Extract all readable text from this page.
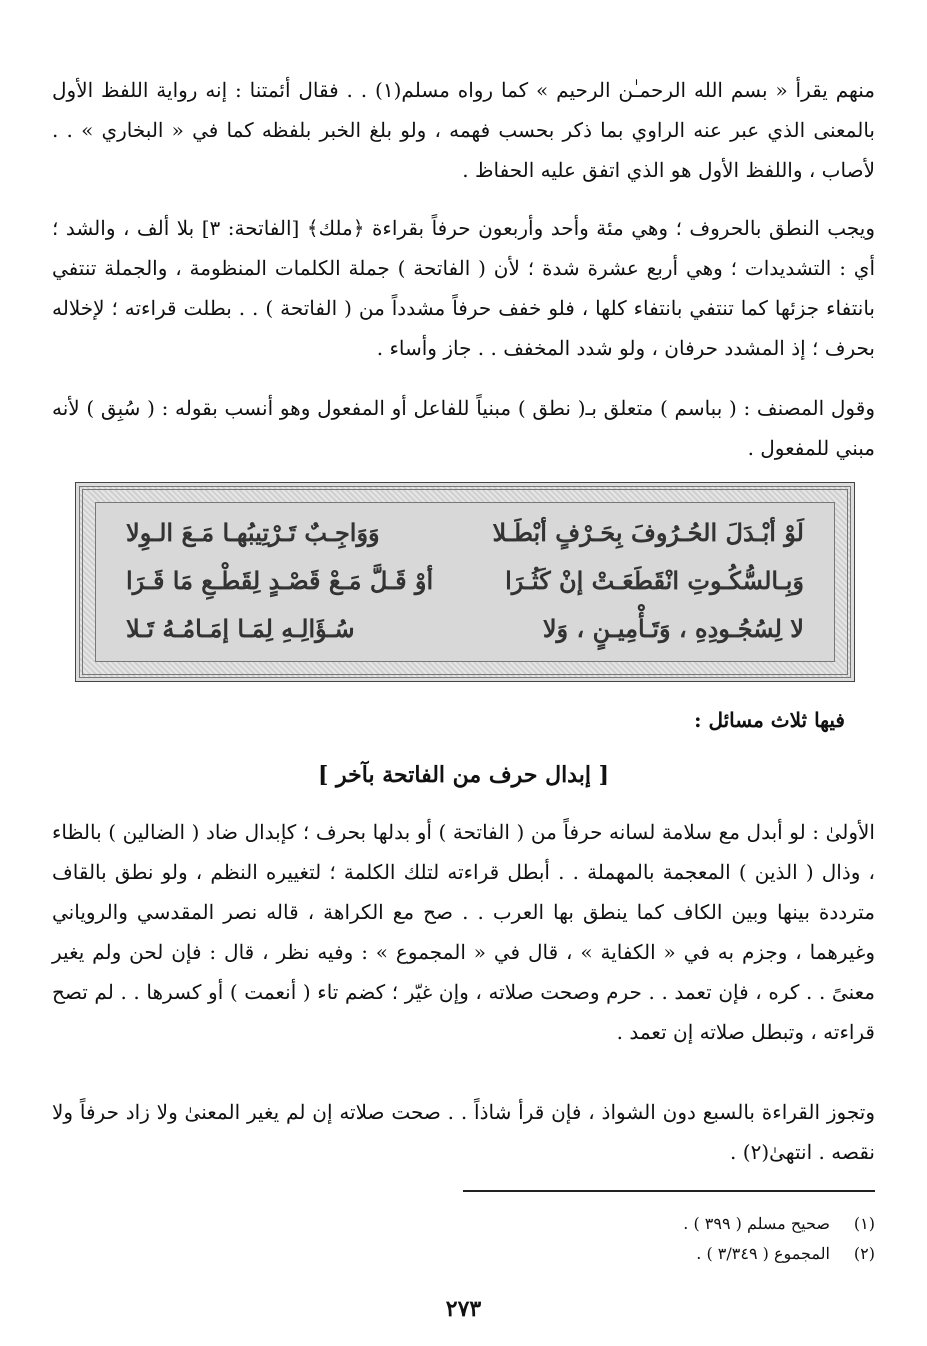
منهم يقرأ « بسم الله الرحمـٰن الرحيم » كما رواه مسلم(١) . . فقال أئمتنا : إنه رواية اللفظ الأول بالمعنى الذي عبر عنه الراوي بما ذكر بحسب فهمه ، ولو بلغ الخبر بلفظه كما في « البخاري » . . لأصاب ، واللفظ الأول هو الذي اتفق عليه الحفاظ .
ويجب النطق بالحروف ؛ وهي مئة وأحد وأربعون حرفاً بقراءة ﴿ملك﴾ [الفاتحة: ٣] بلا ألف ، والشد ؛ أي : التشديدات ؛ وهي أربع عشرة شدة ؛ لأن ( الفاتحة ) جملة الكلمات المنظومة ، والجملة تنتفي بانتفاء جزئها كما تنتفي بانتفاء كلها ، فلو خفف حرفاً مشدداً من ( الفاتحة ) . . بطلت قراءته ؛ لإخلاله بحرف ؛ إذ المشدد حرفان ، ولو شدد المخفف . . جاز وأساء .
وقول المصنف : ( بباسم ) متعلق بـ( نطق ) مبنياً للفاعل أو المفعول وهو أنسب بقوله : ( سُبِق ) لأنه مبني للمفعول .
لَوْ أبْـدَلَ الحُـرُوفَ بِحَـرْفٍ أبْطَـلا
وَوَاجِـبٌ تَـرْتِيبُهـا مَـعَ الـوِلا
وَبِـالسُّكُـوتِ انْقَطَعَـتْ إنْ كَثُـرَا
أوْ قَـلَّ مَـعْ قَصْـدٍ لِقَطْـعِ مَا قَـرَا
لا لِسُجُـودِهِ ، وَتَـأْمِيـنٍ ، وَلا
سُـؤَالِـهِ لِمَـا إمَـامُـهُ تَـلا
فيها ثلاث مسائل :
[ إبدال حرف من الفاتحة بآخر ]
الأولىٰ : لو أبدل مع سلامة لسانه حرفاً من ( الفاتحة ) أو بدلها بحرف ؛ كإبدال ضاد ( الضالين ) بالظاء ، وذال ( الذين ) المعجمة بالمهملة . . أبطل قراءته لتلك الكلمة ؛ لتغييره النظم ، ولو نطق بالقاف مترددة بينها وبين الكاف كما ينطق بها العرب . . صح مع الكراهة ، قاله نصر المقدسي والروياني وغيرهما ، وجزم به في « الكفاية » ، قال في « المجموع » : وفيه نظر ، قال : فإن لحن ولم يغير معنىً . . كره ، فإن تعمد . . حرم وصحت صلاته ، وإن غيّر ؛ كضم تاء ( أنعمت ) أو كسرها . . لم تصح قراءته ، وتبطل صلاته إن تعمد .
وتجوز القراءة بالسبع دون الشواذ ، فإن قرأ شاذاً . . صحت صلاته إن لم يغير المعنىٰ ولا زاد حرفاً ولا نقصه . انتهىٰ(٢) .
(١) صحيح مسلم ( ٣٩٩ ) .
(٢) المجموع ( ٣/٣٤٩ ) .
٢٧٣
